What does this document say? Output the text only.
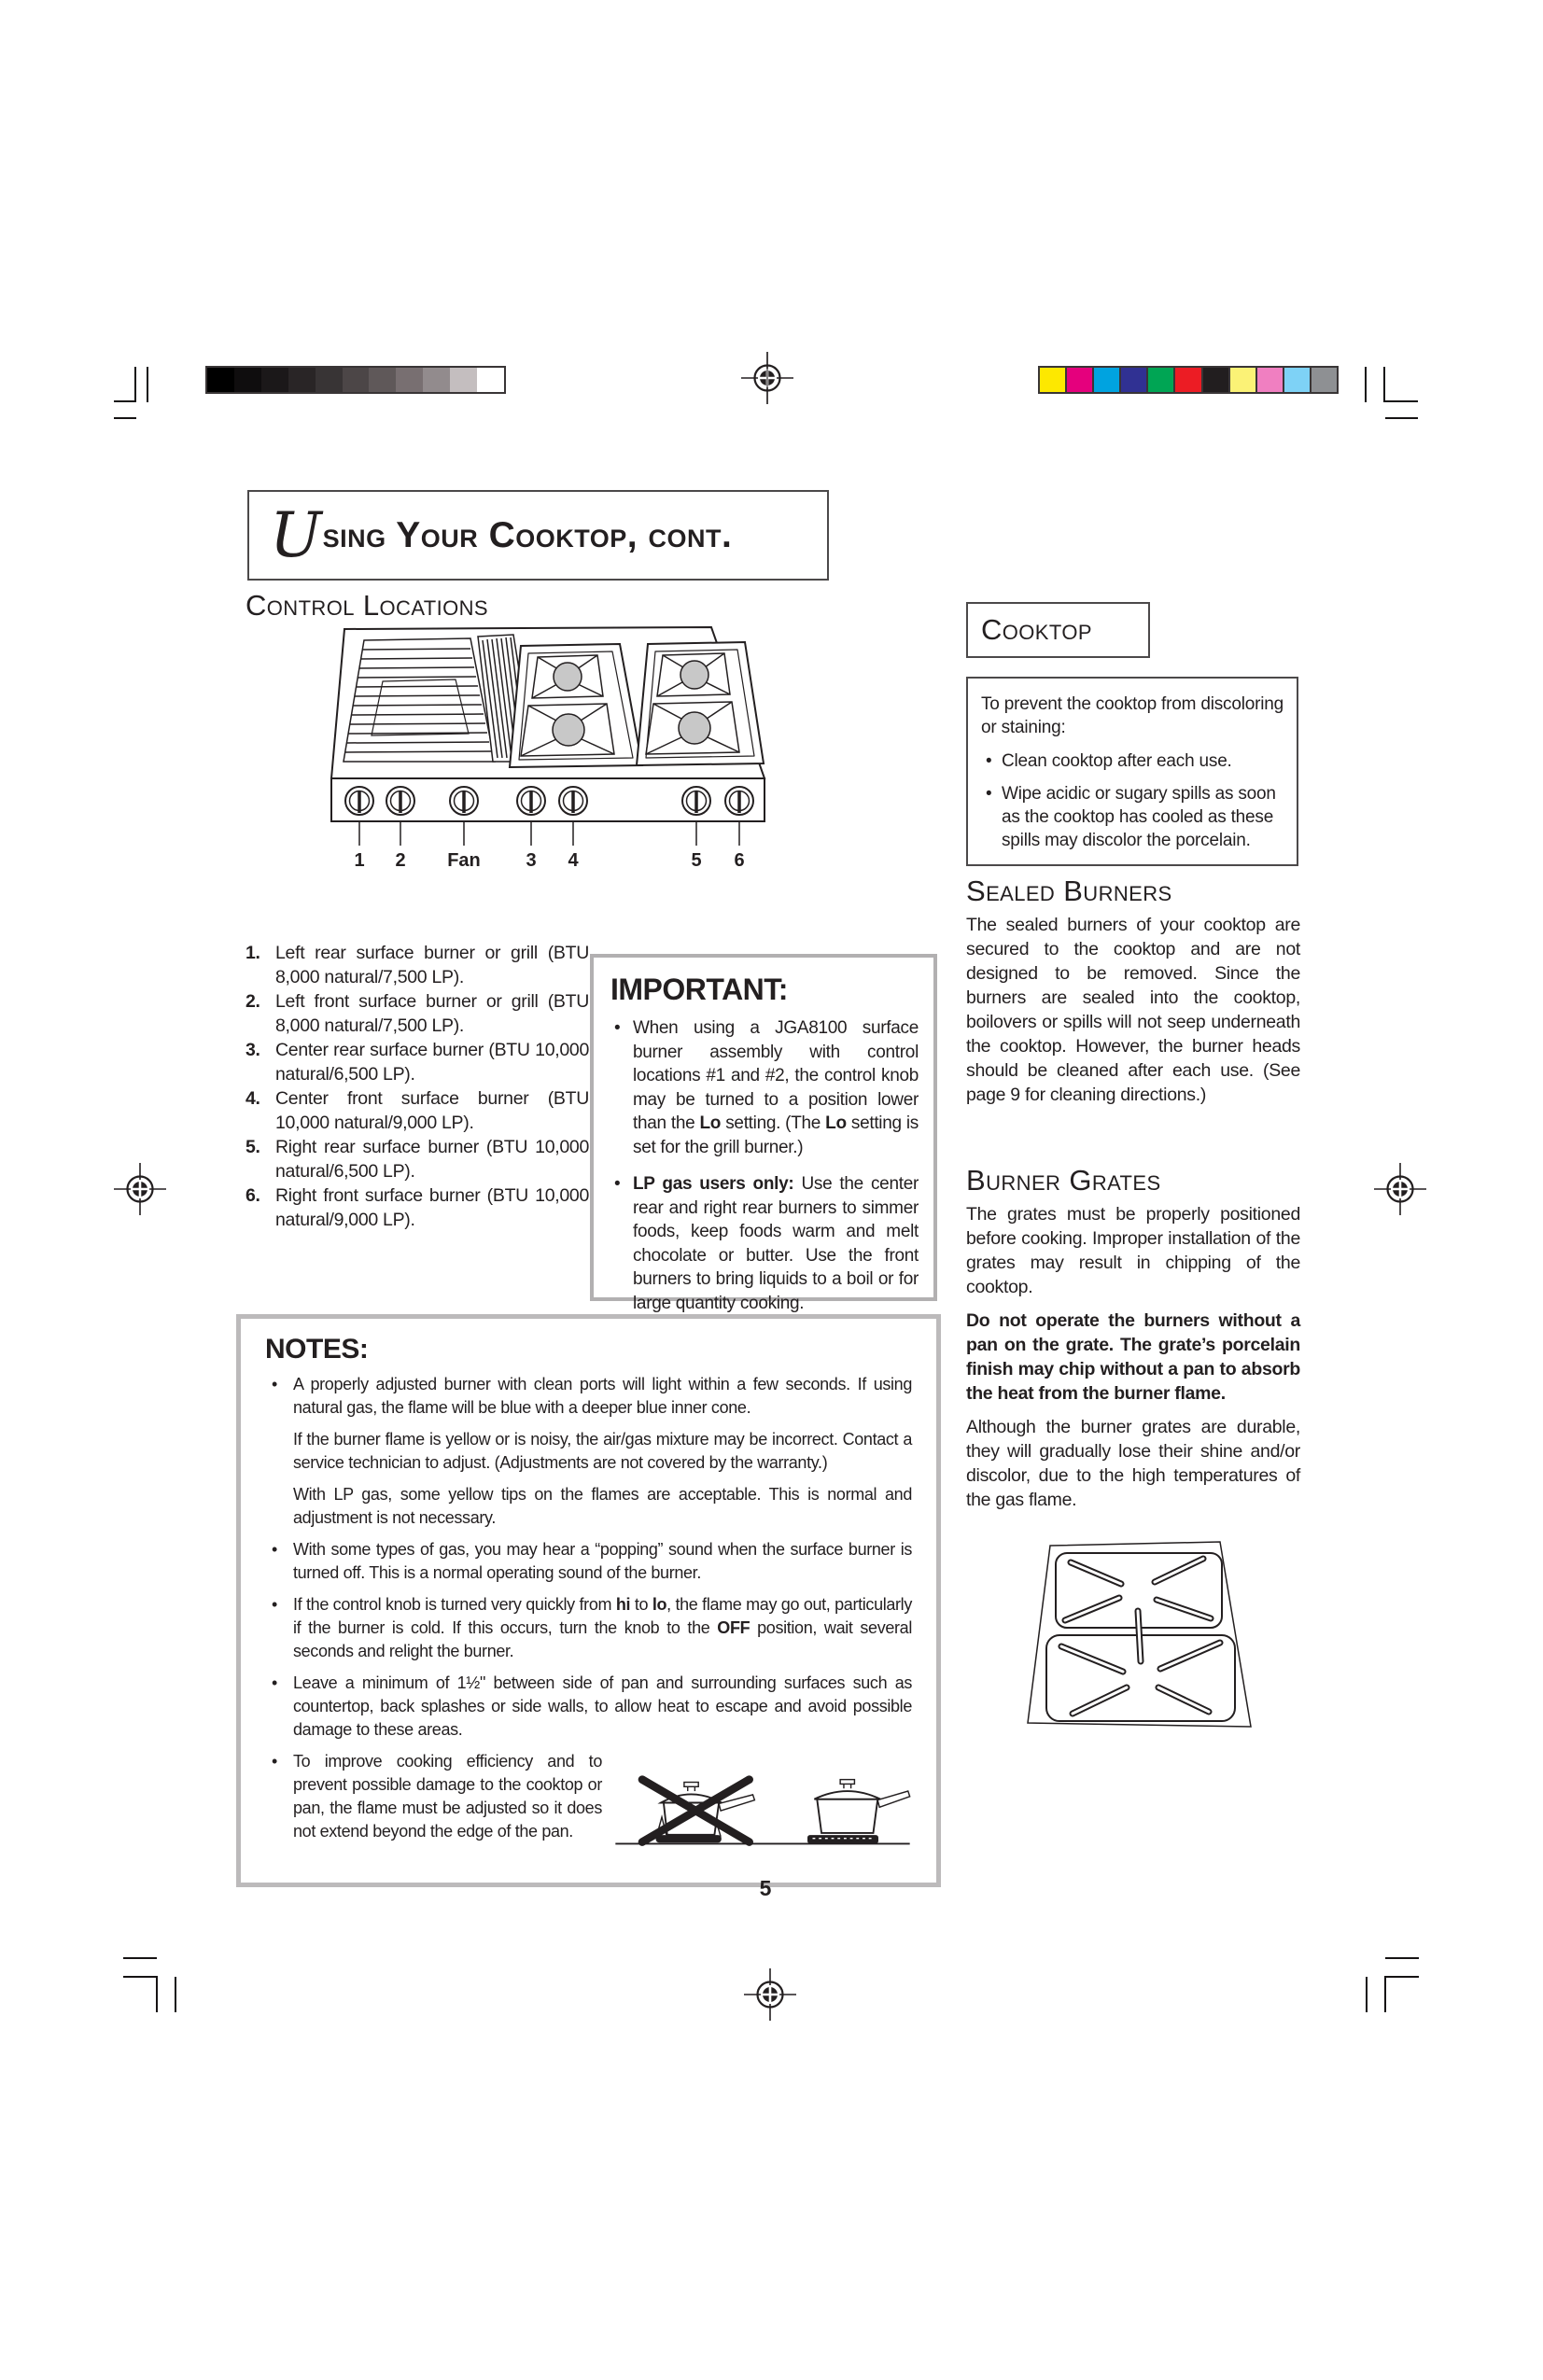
U sing Your Cooktop, cont.
Control Locations
1 2 Fan 3 4	5 6
1. Left rear surface burner or grill (BTU 8,000 natural/7,500 LP).
2. Left front surface burner or grill (BTU 8,000 natural/7,500 LP).
3. Center rear surface burner (BTU 10,000 natural/6,500 LP).
4. Center front surface burner (BTU 10,000 natural/9,000 LP).
5. Right rear surface burner (BTU 10,000 natural/6,500 LP).
6. Right front surface burner (BTU 10,000 natural/9,000 LP).
IMPORTANT:
• When using a JGA8100 surface burner assembly with control locations #1 and #2, the control knob may be turned to a position lower than the Lo setting. (The Lo setting is set for the grill burner.)
• LP gas users only: Use the center rear and right rear burners to simmer foods, keep foods warm and melt chocolate or butter. Use the front burners to bring liquids to a boil or for large quantity cooking.
NOTES:
• A properly adjusted burner with clean ports will light within a few seconds. If using natural gas, the flame will be blue with a deeper blue inner cone.
If the burner flame is yellow or is noisy, the air/gas mixture may be incorrect. Contact a service technician to adjust. (Adjustments are not covered by the warranty.)
With LP gas, some yellow tips on the flames are acceptable. This is normal and adjustment is not necessary.
• With some types of gas, you may hear a “popping” sound when the surface burner is turned off. This is a normal operating sound of the burner.
• If the control knob is turned very quickly from hi to lo, the flame may go out, particularly if the burner is cold. If this occurs, turn the knob to the OFF position, wait several seconds and relight the burner.
• Leave a minimum of 1½" between side of pan and surrounding surfaces such as countertop, back splashes or side walls, to allow heat to escape and avoid possible damage to these areas.
• To improve cooking efficiency and to prevent possible damage to the cooktop or pan, the flame must be adjusted so it does not extend beyond the edge of the pan.
Cooktop
To prevent the cooktop from discoloring or staining:
• Clean cooktop after each use.
• Wipe acidic or sugary spills as soon as the cooktop has cooled as these spills may discolor the porcelain.
Sealed Burners

The sealed burners of your cooktop are secured to the cooktop and are not designed to be removed. Since the burners are sealed into the cooktop, boilovers or spills will not seep underneath the cooktop. However, the burner heads should be cleaned after each use. (See page 9 for cleaning directions.)

Burner Grates

The grates must be properly positioned before cooking. Improper installation of the grates may result in chipping of the cooktop.

Do not operate the burners without a pan on the grate. The grate’s porcelain finish may chip without a pan to absorb the heat from the burner flame.

Although the burner grates are durable, they will gradually lose their shine and/or discolor, due to the high temperatures of the gas flame.

5
